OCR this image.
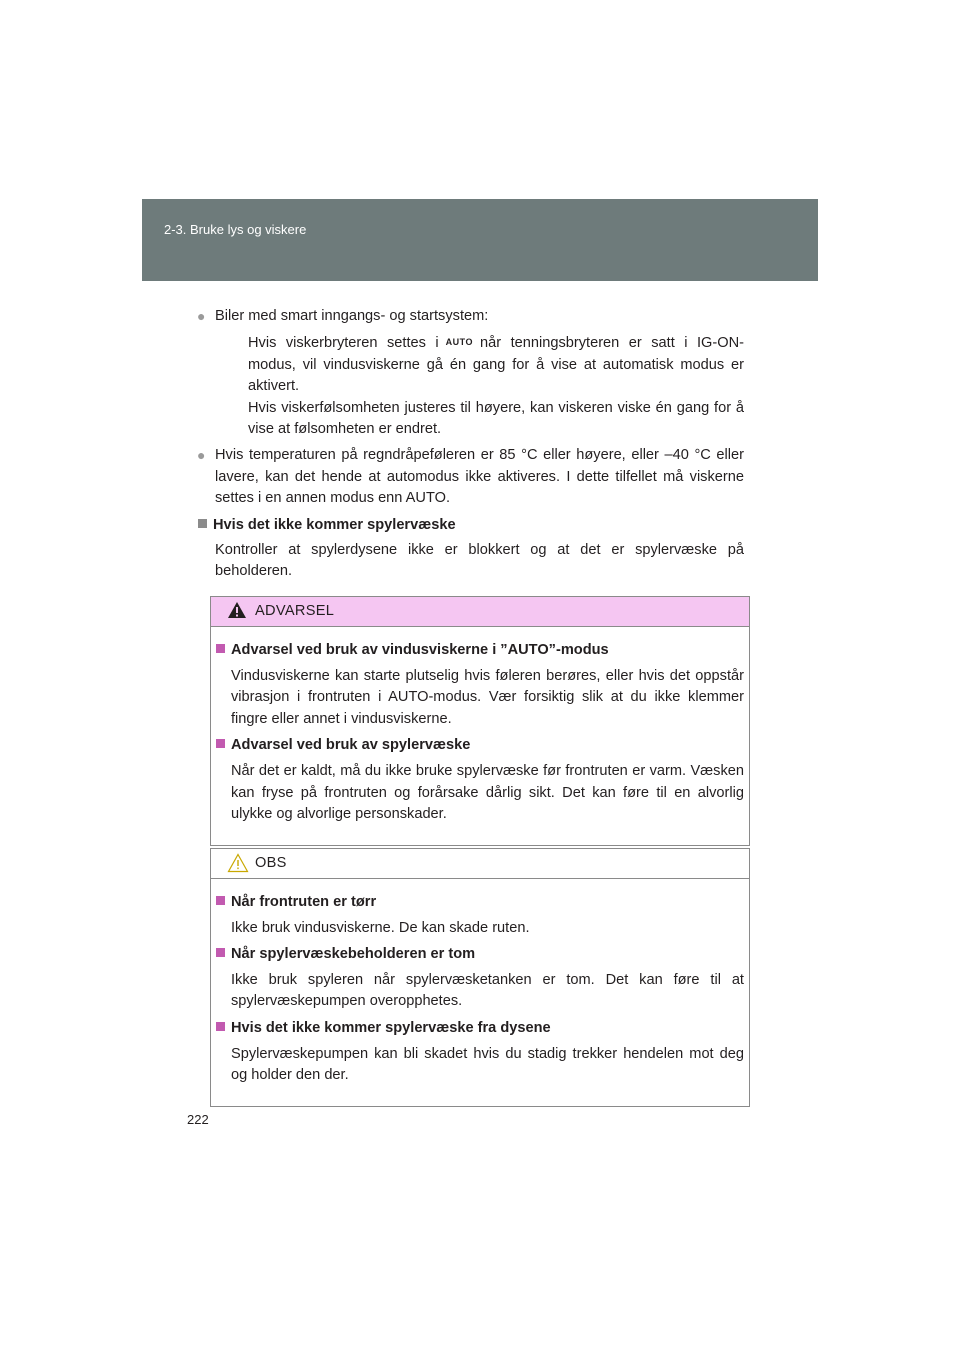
2-3. Bruke lys og viskere
● Biler med smart inngangs- og startsystem:
Hvis viskerbryteren settes i AUTO når tenningsbryteren er satt i IG-ON-modus, vil vindusviskerne gå én gang for å vise at automatisk modus er aktivert.
Hvis viskerfølsomheten justeres til høyere, kan viskeren viske én gang for å vise at følsomheten er endret.
● Hvis temperaturen på regndråpeføleren er 85 °C eller høyere, eller –40 °C eller lavere, kan det hende at automodus ikke aktiveres. I dette tilfellet må viskerne settes i en annen modus enn AUTO.
Hvis det ikke kommer spylervæske
Kontroller at spylerdysene ikke er blokkert og at det er spylervæske på beholderen.
ADVARSEL
Advarsel ved bruk av vindusviskerne i ”AUTO”-modus
Vindusviskerne kan starte plutselig hvis føleren berøres, eller hvis det oppstår vibrasjon i frontruten i AUTO-modus. Vær forsiktig slik at du ikke klemmer fingre eller annet i vindusviskerne.
Advarsel ved bruk av spylervæske
Når det er kaldt, må du ikke bruke spylervæske før frontruten er varm. Væsken kan fryse på frontruten og forårsake dårlig sikt. Det kan føre til en alvorlig ulykke og alvorlige personskader.
OBS
Når frontruten er tørr
Ikke bruk vindusviskerne. De kan skade ruten.
Når spylervæskebeholderen er tom
Ikke bruk spyleren når spylervæsketanken er tom. Det kan føre til at spylervæskepumpen overopphetes.
Hvis det ikke kommer spylervæske fra dysene
Spylervæskepumpen kan bli skadet hvis du stadig trekker hendelen mot deg og holder den der.
222
